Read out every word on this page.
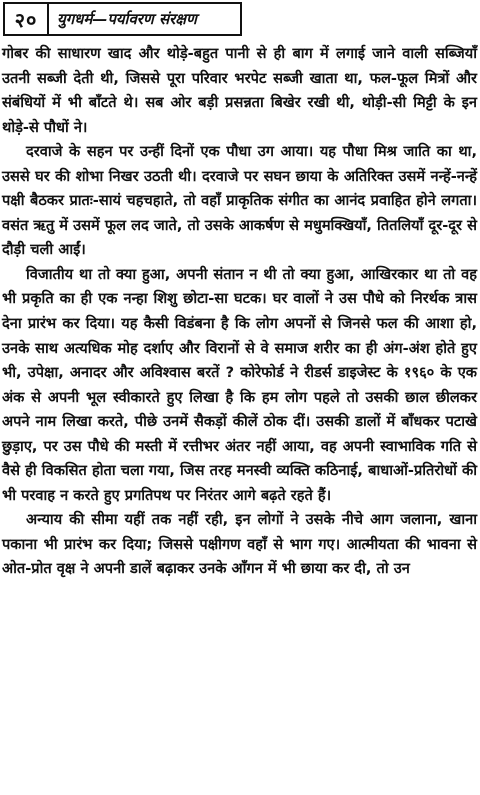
२०	युगधर्म—पर्यावरण संरक्षण

गोबर की साधारण खाद और थोड़े-बहुत पानी से ही बाग में लगाई जाने वाली सब्जियाँ उतनी सब्जी देती थी, जिससे पूरा परिवार भरपेट सब्जी खाता था, फल-फूल मित्रों और संबंधियों में भी बाँटते थे। सब ओर बड़ी प्रसन्नता बिखेर रखी थी, थोड़ी-सी मिट्टी के इन थोड़े-से पौधों ने।

दरवाजे के सहन पर उन्हीं दिनों एक पौधा उग आया। यह पौधा मिश्र जाति का था, उससे घर की शोभा निखर उठती थी। दरवाजे पर सघन छाया के अतिरिक्त उसमें नन्हें-नन्हें पक्षी बैठकर प्रातः-सायं चहचहाते, तो वहाँ प्राकृतिक संगीत का आनंद प्रवाहित होने लगता। वसंत ऋतु में उसमें फूल लद जाते, तो उसके आकर्षण से मधुमक्खियाँ, तितलियाँ दूर-दूर से दौड़ी चली आईं।

विजातीय था तो क्या हुआ, अपनी संतान न थी तो क्या हुआ, आखिरकार था तो वह भी प्रकृति का ही एक नन्हा शिशु छोटा-सा घटक। घर वालों ने उस पौधे को निरर्थक त्रास देना प्रारंभ कर दिया। यह कैसी विडंबना है कि लोग अपनों से जिनसे फल की आशा हो, उनके साथ अत्यधिक मोह दर्शाए और विरानों से वे समाज शरीर का ही अंग-अंश होते हुए भी, उपेक्षा, अनादर और अविश्वास बरतें ? कोरेफोर्ड ने रीडर्स डाइजेस्ट के १९६० के एक अंक से अपनी भूल स्वीकारते हुए लिखा है कि हम लोग पहले तो उसकी छाल छीलकर अपने नाम लिखा करते, पीछे उनमें सैकड़ों कीलें ठोक दीं। उसकी डालों में बाँधकर पटाखे छुड़ाए, पर उस पौधे की मस्ती में रत्तीभर अंतर नहीं आया, वह अपनी स्वाभाविक गति से वैसे ही विकसित होता चला गया, जिस तरह मनस्वी व्यक्ति कठिनाई, बाधाओं-प्रतिरोधों की भी परवाह न करते हुए प्रगतिपथ पर निरंतर आगे बढ़ते रहते हैं।

अन्याय की सीमा यहीं तक नहीं रही, इन लोगों ने उसके नीचे आग जलाना, खाना पकाना भी प्रारंभ कर दिया; जिससे पक्षीगण वहाँ से भाग गए। आत्मीयता की भावना से ओत-प्रोत वृक्ष ने अपनी डालें बढ़ाकर उनके आँगन में भी छाया कर दी, तो उन
